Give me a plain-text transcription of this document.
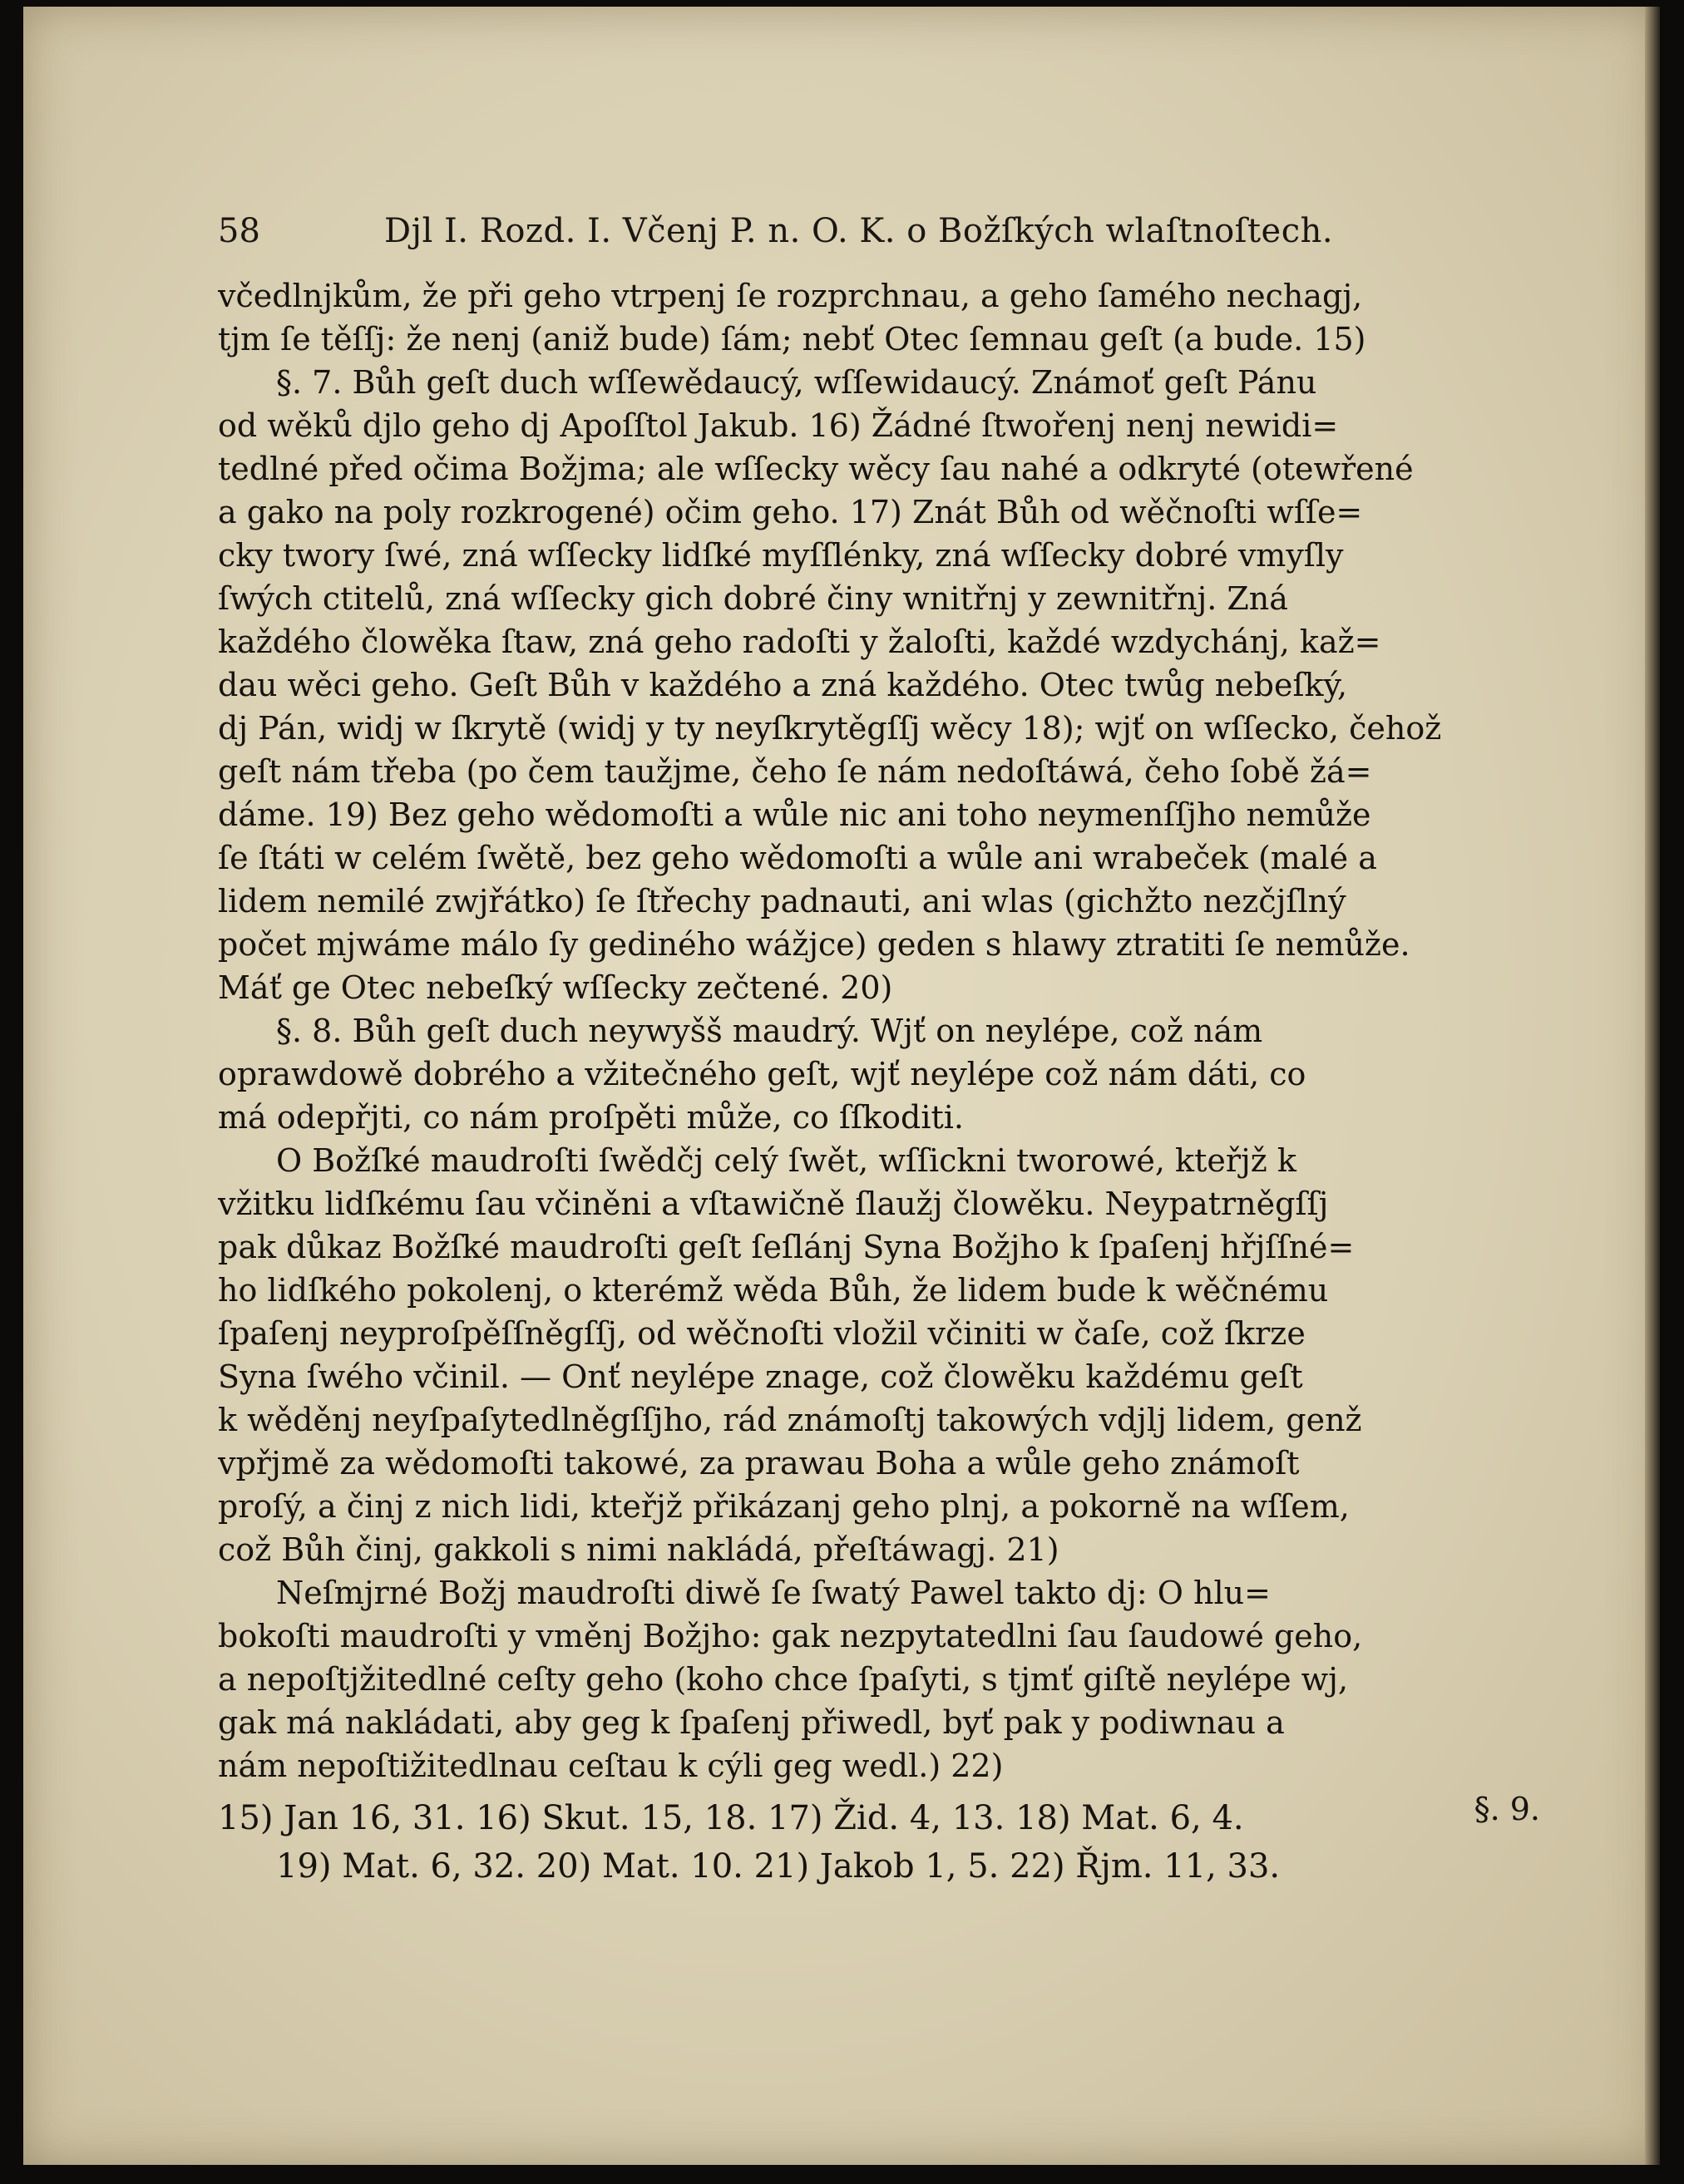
58	Djl I. Rozd. I. Včenj P. n. O. K. o Božſkých wlaſtnoſtech.
včedlnjkům, že při geho vtrpenj ſe rozprchnau, a geho ſamého nechagj,
tjm ſe těſſj: že nenj (aniž bude) ſám; nebť Otec ſemnau geſt (a bude. 15)
§. 7. Bůh geſt duch wſſewědaucý, wſſewidaucý. Známoť geſt Pánu
od wěků djlo geho dj Apoſſtol Jakub. 16) Žádné ſtwořenj nenj newidi=
tedlné před očima Božjma; ale wſſecky wěcy ſau nahé a odkryté (otewřené
a gako na poly rozkrogené) očim geho. 17) Znát Bůh od wěčnoſti wſſe=
cky twory ſwé, zná wſſecky lidſké myſſlénky, zná wſſecky dobré vmyſly
ſwých ctitelů, zná wſſecky gich dobré činy wnitřnj y zewnitřnj. Zná
každého člowěka ſtaw, zná geho radoſti y žaloſti, každé wzdychánj, kaž=
dau wěci geho. Geſt Bůh v každého a zná každého. Otec twůg nebeſký,
dj Pán, widj w ſkrytě (widj y ty neyſkrytěgſſj wěcy 18); wjť on wſſecko, čehož
geſt nám třeba (po čem taužjme, čeho ſe nám nedoſtáwá, čeho ſobě žá=
dáme. 19) Bez geho wědomoſti a wůle nic ani toho neymenſſjho nemůže
ſe ſtáti w celém ſwětě, bez geho wědomoſti a wůle ani wrabeček (malé a
lidem nemilé zwjřátko) ſe ſtřechy padnauti, ani wlas (gichžto nezčjſlný
počet mjwáme málo ſy gediného wážjce) geden s hlawy ztratiti ſe nemůže.
Máť ge Otec nebeſký wſſecky zečtené. 20)
§. 8. Bůh geſt duch neywyšš maudrý. Wjť on neylépe, což nám
oprawdowě dobrého a vžitečného geſt, wjť neylépe což nám dáti, co
má odepřjti, co nám proſpěti může, co ſſkoditi.
O Božſké maudroſti ſwědčj celý ſwět, wſſickni tworowé, kteřjž k
vžitku lidſkému ſau včiněni a vſtawičně ſlaužj člowěku. Neypatrněgſſj
pak důkaz Božſké maudroſti geſt ſeſlánj Syna Božjho k ſpaſenj hřjſſné=
ho lidſkého pokolenj, o kterémž wěda Bůh, že lidem bude k wěčnému
ſpaſenj neyproſpěſſněgſſj, od wěčnoſti vložil včiniti w čaſe, což ſkrze
Syna ſwého včinil. — Onť neylépe znage, což člowěku každému geſt
k wěděnj neyſpaſytedlněgſſjho, rád známoſtj takowých vdjlj lidem, genž
vpřjmě za wědomoſti takowé, za prawau Boha a wůle geho známoſt
proſý, a činj z nich lidi, kteřjž přikázanj geho plnj, a pokorně na wſſem,
což Bůh činj, gakkoli s nimi nakládá, přeſtáwagj. 21)
Neſmjrné Božj maudroſti diwě ſe ſwatý Pawel takto dj: O hlu=
bokoſti maudroſti y vměnj Božjho: gak nezpytatedlni ſau ſaudowé geho,
a nepoſtjžitedlné ceſty geho (koho chce ſpaſyti, s tjmť giſtě neylépe wj,
gak má nakládati, aby geg k ſpaſenj přiwedl, byť pak y podiwnau a
nám nepoſtižitedlnau ceſtau k cýli geg wedl.) 22)
§. 9.
15) Jan 16, 31. 16) Skut. 15, 18. 17) Žid. 4, 13. 18) Mat. 6, 4.
19) Mat. 6, 32. 20) Mat. 10. 21) Jakob 1, 5. 22) Řjm. 11, 33.
